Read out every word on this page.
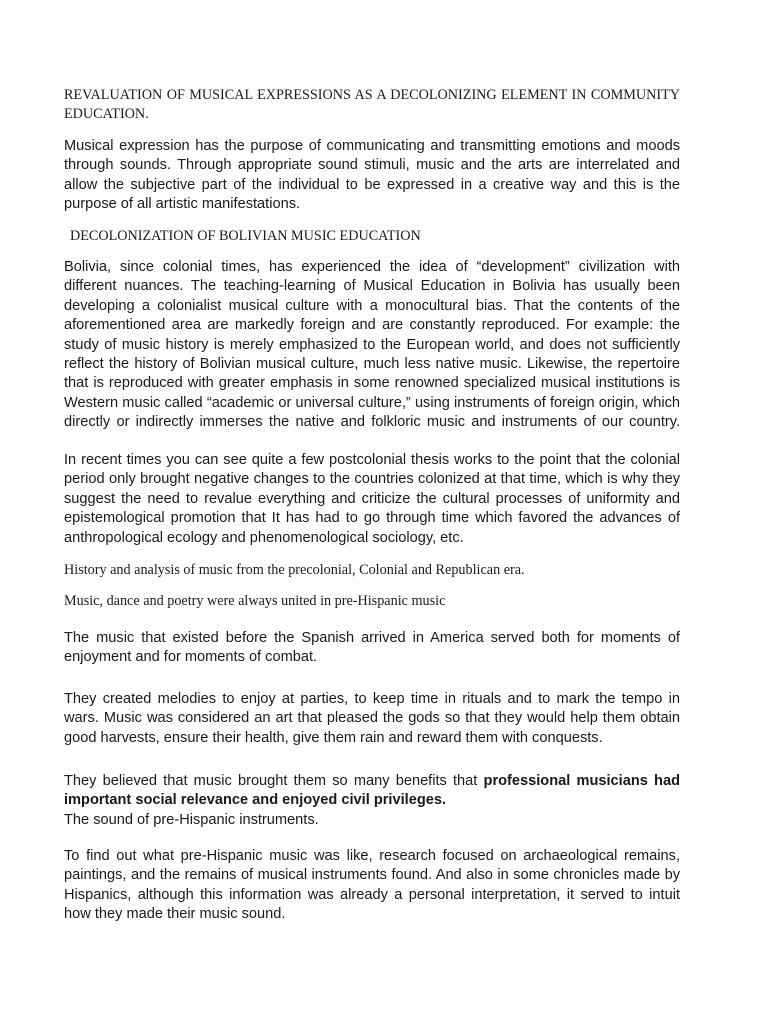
REVALUATION OF MUSICAL EXPRESSIONS AS A DECOLONIZING ELEMENT IN COMMUNITY EDUCATION.

Musical expression has the purpose of communicating and transmitting emotions and moods through sounds. Through appropriate sound stimuli, music and the arts are interrelated and allow the subjective part of the individual to be expressed in a creative way and this is the purpose of all artistic manifestations.

DECOLONIZATION OF BOLIVIAN MUSIC EDUCATION

Bolivia, since colonial times, has experienced the idea of “development” civilization with different nuances. The teaching-learning of Musical Education in Bolivia has usually been developing a colonialist musical culture with a monocultural bias. That the contents of the aforementioned area are markedly foreign and are constantly reproduced. For example: the study of music history is merely emphasized to the European world, and does not sufficiently reflect the history of Bolivian musical culture, much less native music. Likewise, the repertoire that is reproduced with greater emphasis in some renowned specialized musical institutions is Western music called “academic or universal culture,” using instruments of foreign origin, which directly or indirectly immerses the native and folkloric music and instruments of our country.

In recent times you can see quite a few postcolonial thesis works to the point that the colonial period only brought negative changes to the countries colonized at that time, which is why they suggest the need to revalue everything and criticize the cultural processes of uniformity and epistemological promotion that It has had to go through time which favored the advances of anthropological ecology and phenomenological sociology, etc.

History and analysis of music from the precolonial, Colonial and Republican era.

Music, dance and poetry were always united in pre-Hispanic music

The music that existed before the Spanish arrived in America served both for moments of enjoyment and for moments of combat.

They created melodies to enjoy at parties, to keep time in rituals and to mark the tempo in wars. Music was considered an art that pleased the gods so that they would help them obtain good harvests, ensure their health, give them rain and reward them with conquests.

They believed that music brought them so many benefits that professional musicians had important social relevance and enjoyed civil privileges.
The sound of pre-Hispanic instruments.

To find out what pre-Hispanic music was like, research focused on archaeological remains, paintings, and the remains of musical instruments found. And also in some chronicles made by Hispanics, although this information was already a personal interpretation, it served to intuit how they made their music sound.
